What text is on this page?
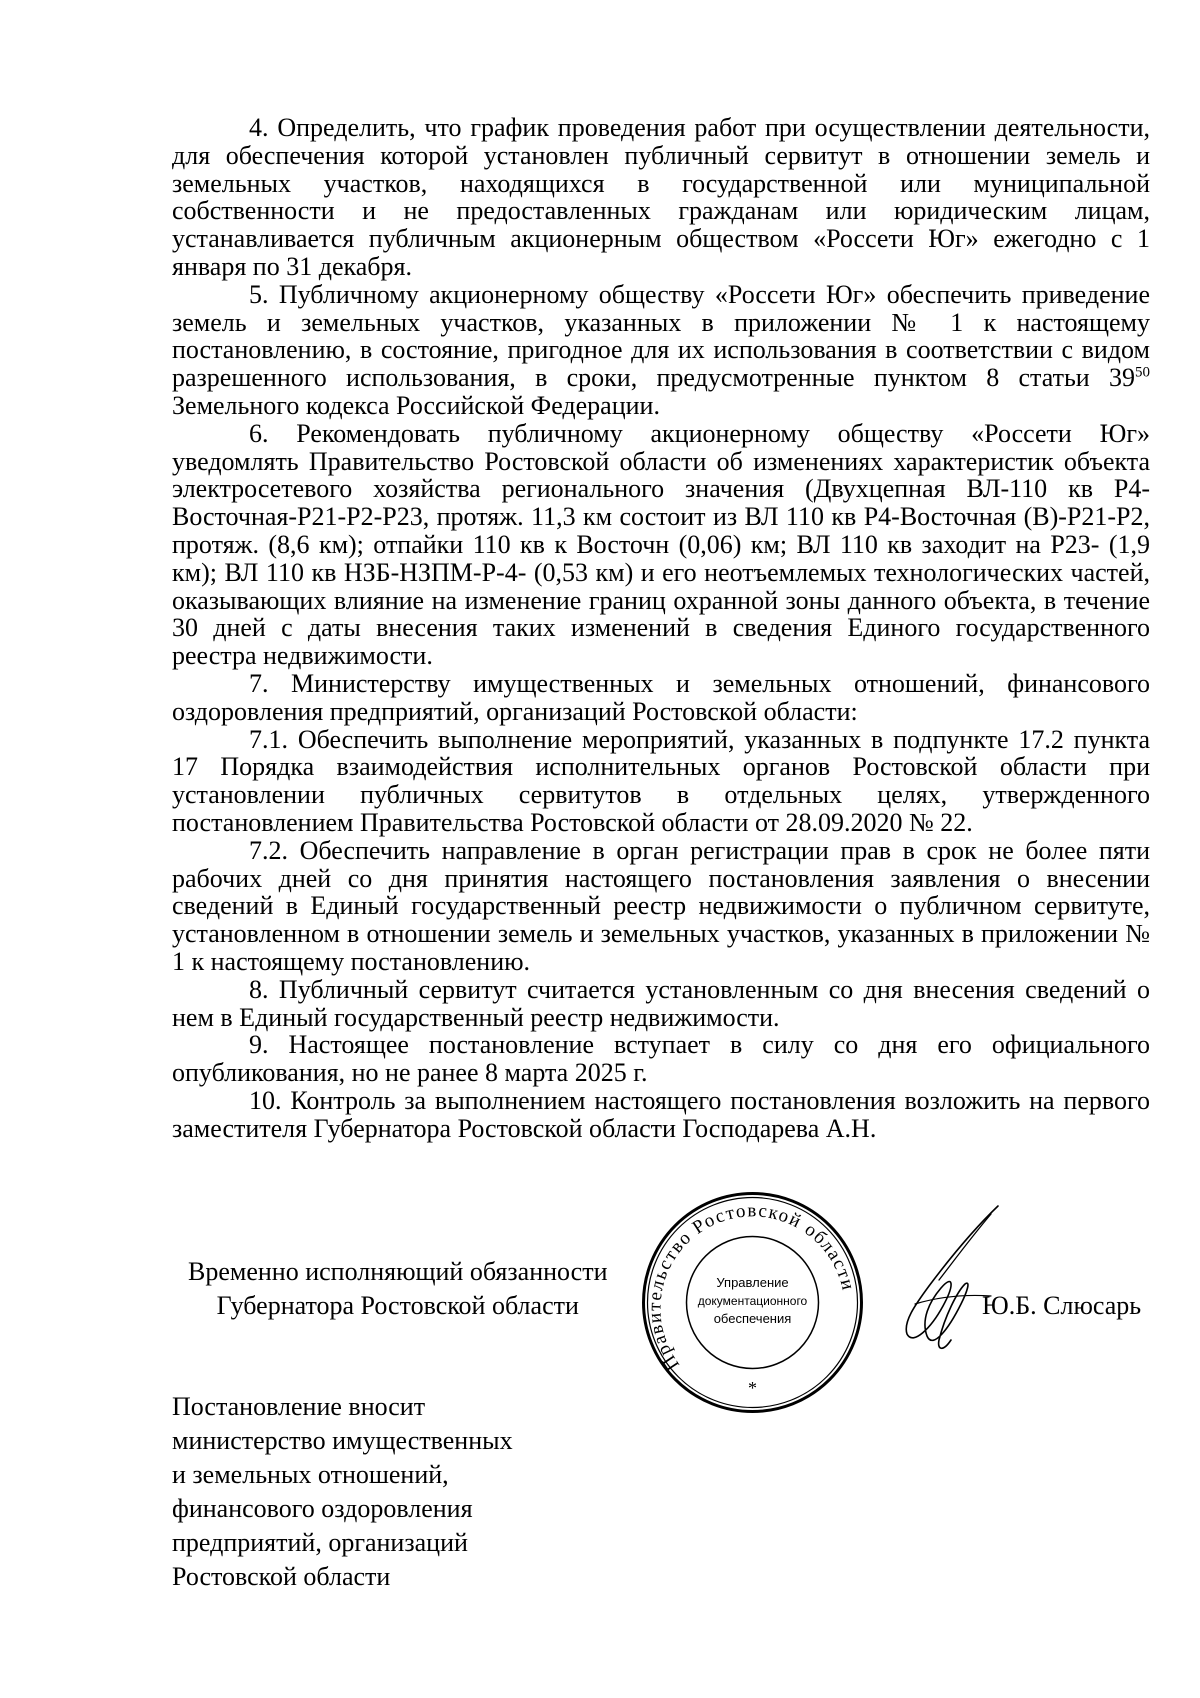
4. Определить, что график проведения работ при осуществлении деятельности, для обеспечения которой установлен публичный сервитут в отношении земель и земельных участков, находящихся в государственной или муниципальной собственности и не предоставленных гражданам или юридическим лицам, устанавливается публичным акционерным обществом «Россети Юг» ежегодно с 1 января по 31 декабря.

5. Публичному акционерному обществу «Россети Юг» обеспечить приведение земель и земельных участков, указанных в приложении № 1 к настоящему постановлению, в состояние, пригодное для их использования в соответствии с видом разрешенного использования, в сроки, предусмотренные пунктом 8 статьи $39^{50}$ Земельного кодекса Российской Федерации.

6. Рекомендовать публичному акционерному обществу «Россети Юг» уведомлять Правительство Ростовской области об изменениях характеристик объекта электросетевого хозяйства регионального значения (Двухцепная ВЛ-110 кв Р4-Восточная-Р21-Р2-Р23, протяж. 11,3 км состоит из ВЛ 110 кв Р4-Восточная (В)-Р21-Р2, протяж. (8,6 км); отпайки 110 кв к Восточн (0,06) км; ВЛ 110 кв заходит на Р23- (1,9 км); ВЛ 110 кв НЗБ-НЗПМ-Р-4- (0,53 км) и его неотъемлемых технологических частей, оказывающих влияние на изменение границ охранной зоны данного объекта, в течение 30 дней с даты внесения таких изменений в сведения Единого государственного реестра недвижимости.

7. Министерству имущественных и земельных отношений, финансового оздоровления предприятий, организаций Ростовской области:

7.1. Обеспечить выполнение мероприятий, указанных в подпункте 17.2 пункта 17 Порядка взаимодействия исполнительных органов Ростовской области при установлении публичных сервитутов в отдельных целях, утвержденного постановлением Правительства Ростовской области от 28.09.2020 № 22.

7.2. Обеспечить направление в орган регистрации прав в срок не более пяти рабочих дней со дня принятия настоящего постановления заявления о внесении сведений в Единый государственный реестр недвижимости о публичном сервитуте, установленном в отношении земель и земельных участков, указанных в приложении № 1 к настоящему постановлению.

8. Публичный сервитут считается установленным со дня внесения сведений о нем в Единый государственный реестр недвижимости.

9. Настоящее постановление вступает в силу со дня его официального опубликования, но не ранее 8 марта 2025 г.

10. Контроль за выполнением настоящего постановления возложить на первого заместителя Губернатора Ростовской области Господарева А.Н.

Временно исполняющий обязанности
Губернатора Ростовской области
Правительство Ростовской области
Управление
документационного
обеспечения
*
Ю.Б. Слюсарь
Постановление вносит
министерство имущественных
и земельных отношений,
финансового оздоровления
предприятий, организаций
Ростовской области
